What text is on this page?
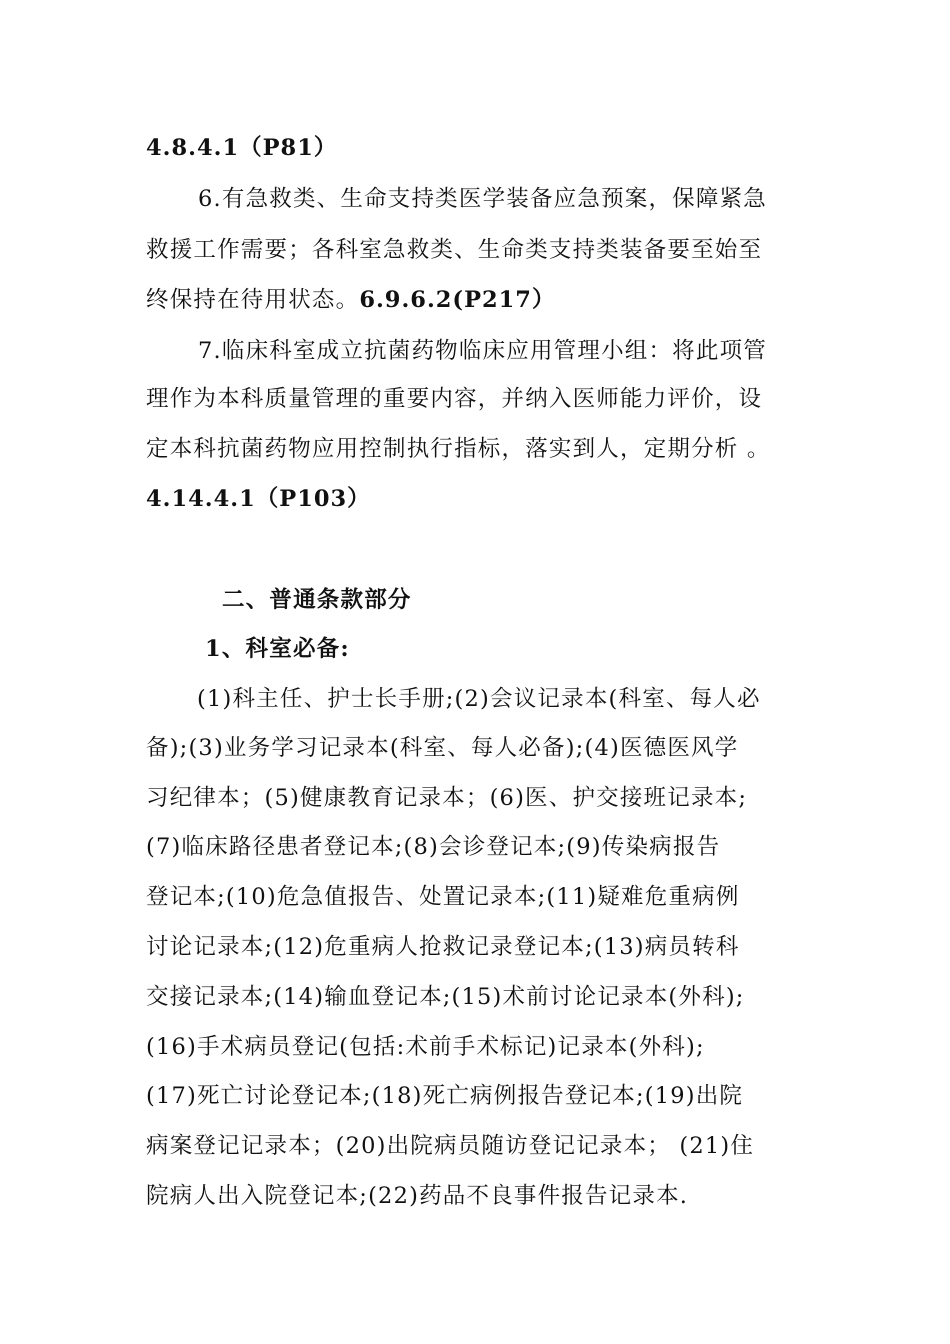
4.8.4.1（P81）
6.有急救类、生命支持类医学装备应急预案，保障紧急
救援工作需要；各科室急救类、生命类支持类装备要至始至
终保持在待用状态。6.9.6.2(P217）
7.临床科室成立抗菌药物临床应用管理小组：将此项管
理作为本科质量管理的重要内容，并纳入医师能力评价，设
定本科抗菌药物应用控制执行指标，落实到人，定期分析 。
4.14.4.1（P103）
二、普通条款部分
1、科室必备:
(1)科主任、护士长手册;(2)会议记录本(科室、每人必
备);(3)业务学习记录本(科室、每人必备);(4)医德医风学
习纪律本；(5)健康教育记录本；(6)医、护交接班记录本;
(7)临床路径患者登记本;(8)会诊登记本;(9)传染病报告
登记本;(10)危急值报告、处置记录本;(11)疑难危重病例
讨论记录本;(12)危重病人抢救记录登记本;(13)病员转科
交接记录本;(14)输血登记本;(15)术前讨论记录本(外科);
(16)手术病员登记(包括:术前手术标记)记录本(外科);
(17)死亡讨论登记本;(18)死亡病例报告登记本;(19)出院
病案登记记录本；(20)出院病员随访登记记录本； (21)住
院病人出入院登记本;(22)药品不良事件报告记录本.
